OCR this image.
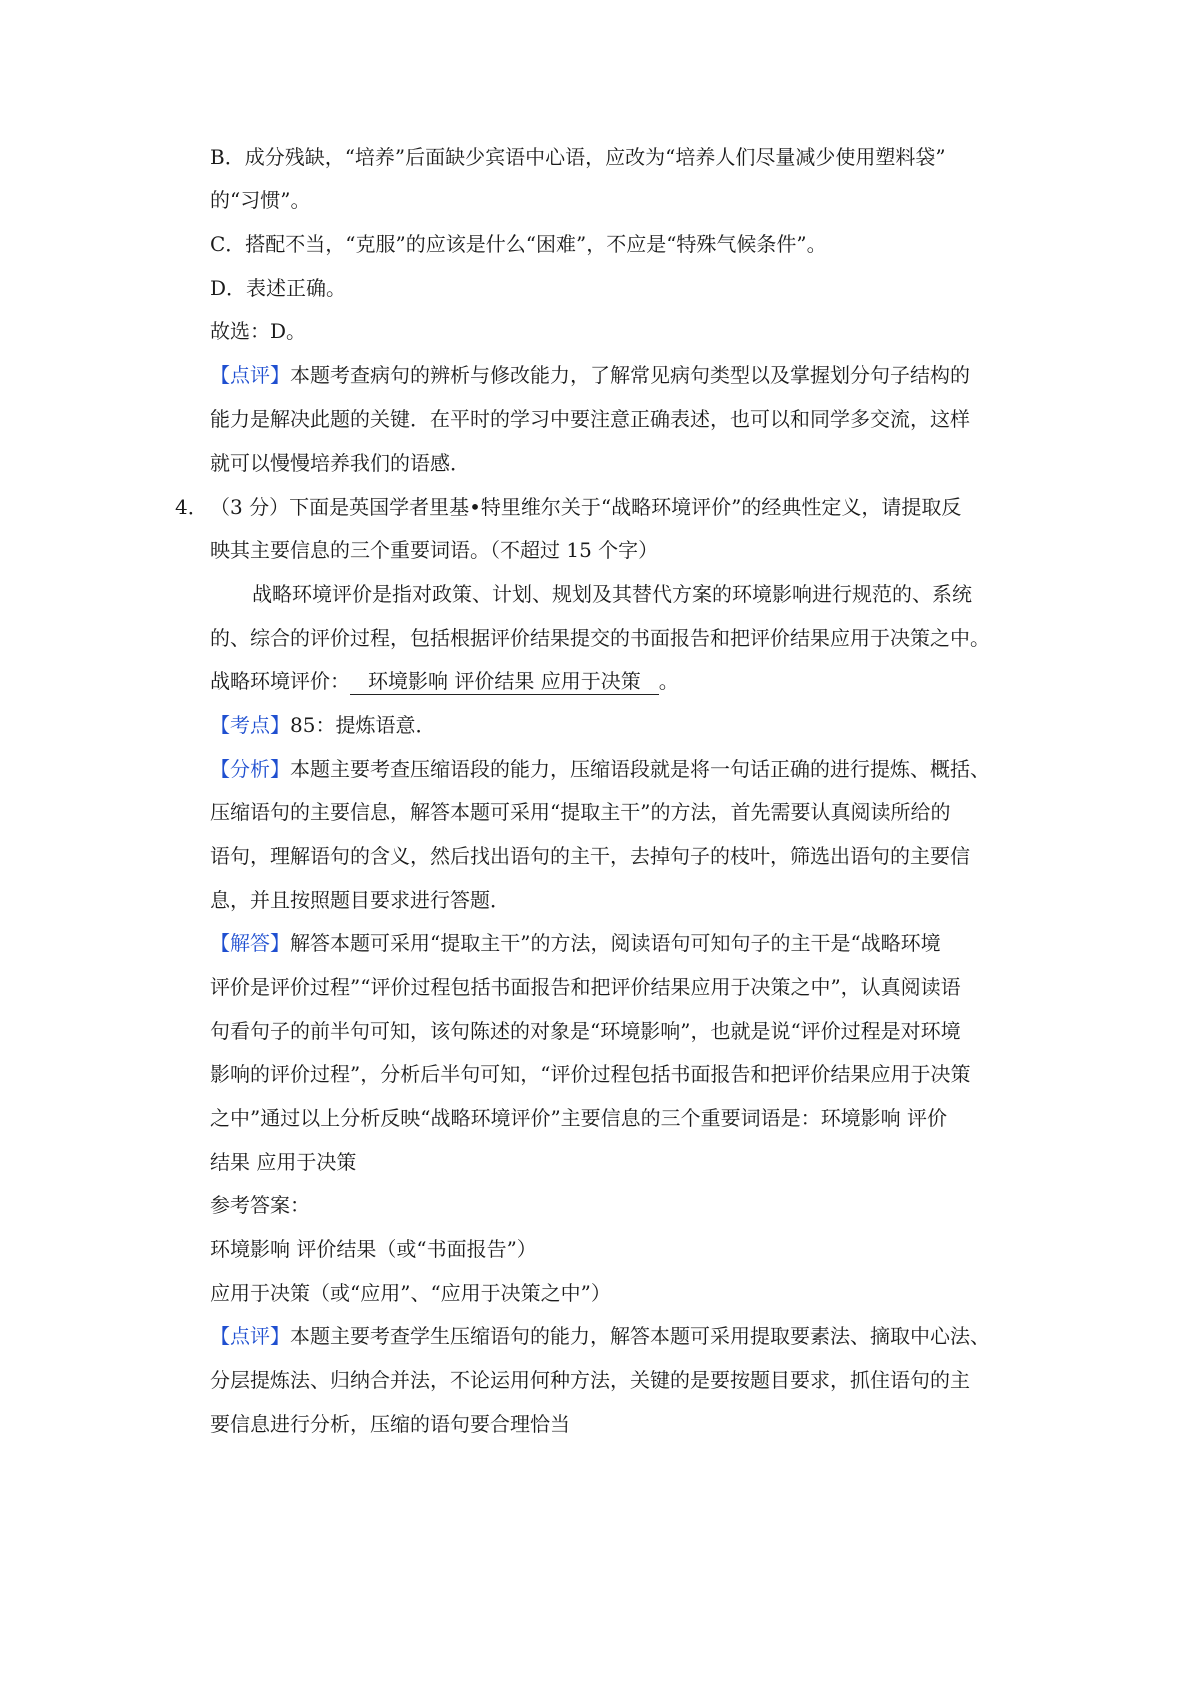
B．成分残缺，“培养”后面缺少宾语中心语，应改为“培养人们尽量减少使用塑料袋”
的“习惯”。
C．搭配不当，“克服”的应该是什么“困难”，不应是“特殊气候条件”。
D．表述正确。
故选：D。
【点评】本题考查病句的辨析与修改能力，了解常见病句类型以及掌握划分句子结构的
能力是解决此题的关键．在平时的学习中要注意正确表述，也可以和同学多交流，这样
就可以慢慢培养我们的语感．
4． （3 分）下面是英国学者里基•特里维尔关于“战略环境评价”的经典性定义，请提取反
映其主要信息的三个重要词语。（不超过 15 个字）
战略环境评价是指对政策、计划、规划及其替代方案的环境影响进行规范的、系统
的、综合的评价过程，包括根据评价结果提交的书面报告和把评价结果应用于决策之中。
战略环境评价： 环境影响 评价结果 应用于决策 。
【考点】85：提炼语意．
【分析】本题主要考查压缩语段的能力，压缩语段就是将一句话正确的进行提炼、概括、
压缩语句的主要信息，解答本题可采用“提取主干”的方法，首先需要认真阅读所给的
语句，理解语句的含义，然后找出语句的主干，去掉句子的枝叶，筛选出语句的主要信
息，并且按照题目要求进行答题．
【解答】解答本题可采用“提取主干”的方法，阅读语句可知句子的主干是“战略环境
评价是评价过程”“评价过程包括书面报告和把评价结果应用于决策之中”，认真阅读语
句看句子的前半句可知，该句陈述的对象是“环境影响”，也就是说“评价过程是对环境
影响的评价过程”，分析后半句可知，“评价过程包括书面报告和把评价结果应用于决策
之中”通过以上分析反映“战略环境评价”主要信息的三个重要词语是：环境影响 评价
结果 应用于决策
参考答案：
环境影响 评价结果（或“书面报告”）
应用于决策（或“应用”、“应用于决策之中”）
【点评】本题主要考查学生压缩语句的能力，解答本题可采用提取要素法、摘取中心法、
分层提炼法、归纳合并法，不论运用何种方法，关键的是要按题目要求，抓住语句的主
要信息进行分析，压缩的语句要合理恰当
